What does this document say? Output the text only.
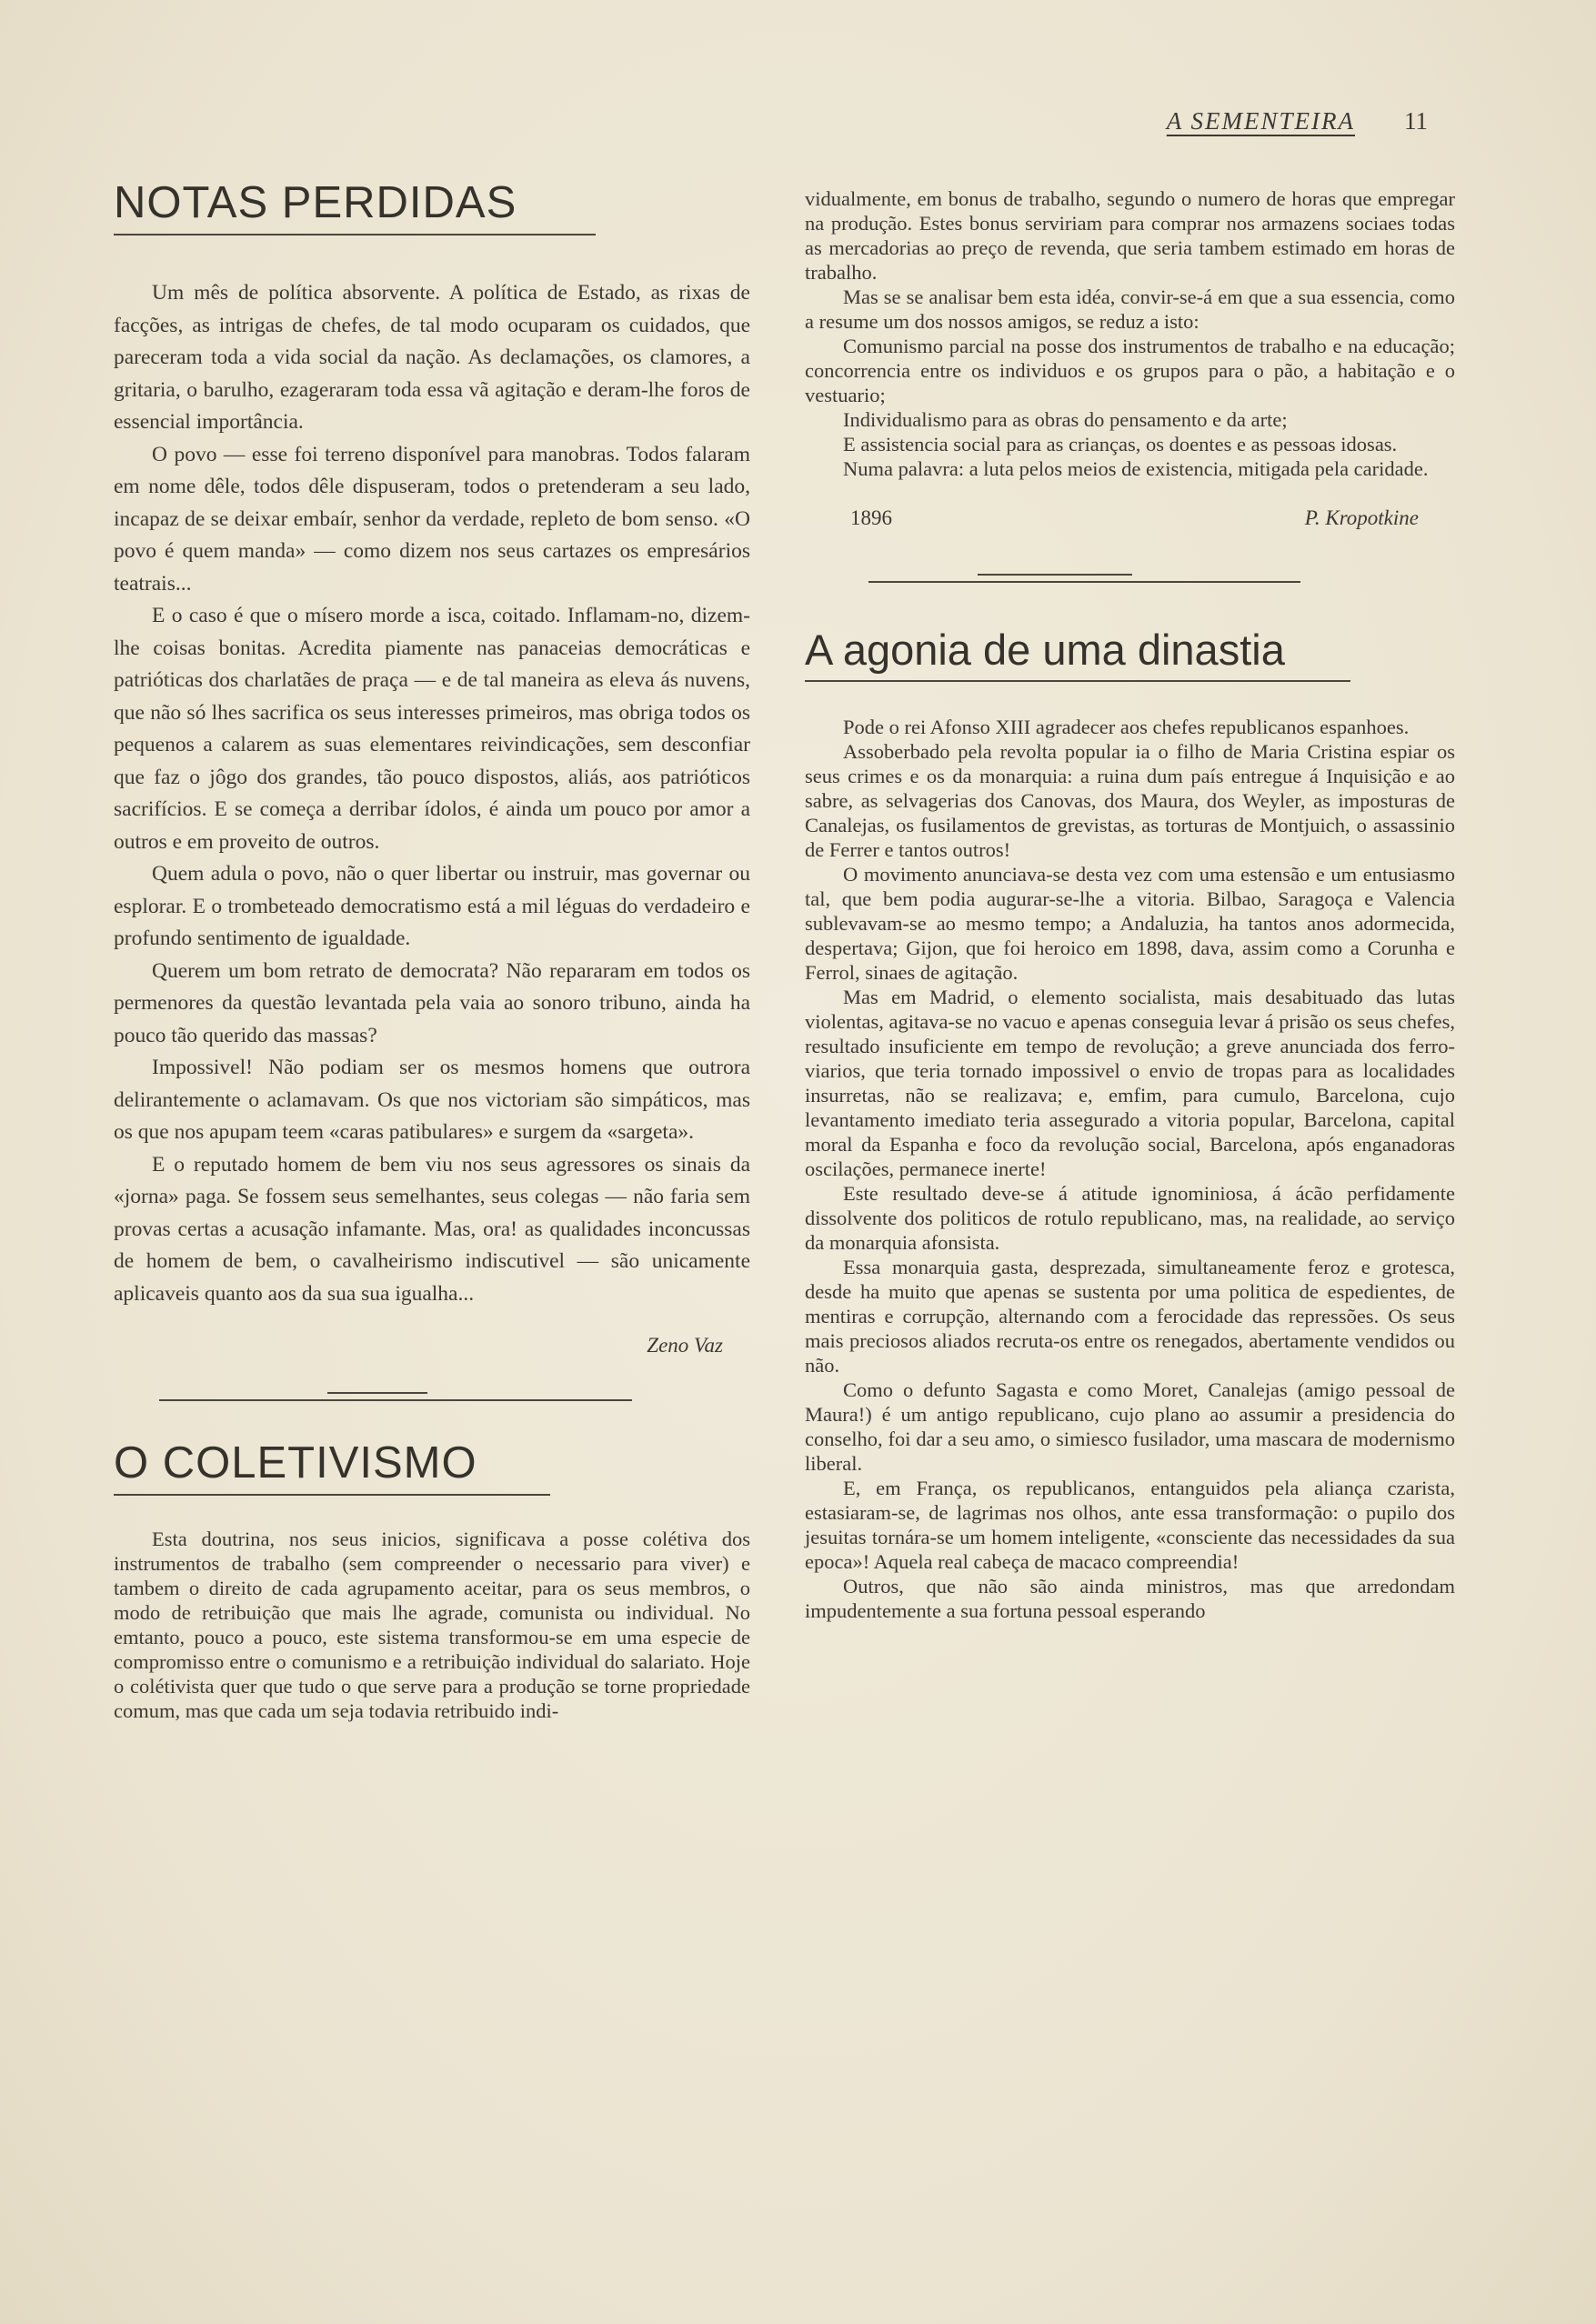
A SEMENTEIRA 11
NOTAS PERDIDAS

Um mês de política absorvente. A política de Estado, as rixas de facções, as intrigas de chefes, de tal modo ocuparam os cuidados, que pareceram toda a vida social da nação. As declamações, os clamores, a gritaria, o barulho, ezageraram toda essa vã agitação e deram-lhe foros de essencial importância.

O povo — esse foi terreno disponível para manobras. Todos falaram em nome dêle, todos dêle dispuseram, todos o pretenderam a seu lado, incapaz de se deixar embaír, senhor da verdade, repleto de bom senso. «O povo é quem manda» — como dizem nos seus cartazes os empresários teatrais...

E o caso é que o mísero morde a isca, coitado. Inflamam-no, dizem-lhe coisas bonitas. Acredita piamente nas panaceias democráticas e patrióticas dos charlatães de praça — e de tal maneira as eleva ás nuvens, que não só lhes sacrifica os seus interesses primeiros, mas obriga todos os pequenos a calarem as suas elementares reivindicações, sem desconfiar que faz o jôgo dos grandes, tão pouco dispostos, aliás, aos patrióticos sacrifícios. E se começa a derribar ídolos, é ainda um pouco por amor a outros e em proveito de outros.

Quem adula o povo, não o quer libertar ou instruir, mas governar ou esplorar. E o trombeteado democratismo está a mil léguas do verdadeiro e profundo sentimento de igualdade.

Querem um bom retrato de democrata? Não repararam em todos os permenores da questão levantada pela vaia ao sonoro tribuno, ainda ha pouco tão querido das massas?

Impossivel! Não podiam ser os mesmos homens que outrora delirantemente o aclamavam. Os que nos victoriam são simpáticos, mas os que nos apupam teem «caras patibulares» e surgem da «sargeta».

E o reputado homem de bem viu nos seus agressores os sinais da «jorna» paga. Se fossem seus semelhantes, seus colegas — não faria sem provas certas a acusação infamante. Mas, ora! as qualidades inconcussas de homem de bem, o cavalheirismo indiscutivel — são unicamente aplicaveis quanto aos da sua sua igualha...

Zeno Vaz
O COLETIVISMO

Esta doutrina, nos seus inicios, significava a posse colétiva dos instrumentos de trabalho (sem compreender o necessario para viver) e tambem o direito de cada agrupamento aceitar, para os seus membros, o modo de retribuição que mais lhe agrade, comunista ou individual. No emtanto, pouco a pouco, este sistema transformou-se em uma especie de compromisso entre o comunismo e a retribuição individual do salariato. Hoje o colétivista quer que tudo o que serve para a produção se torne propriedade comum, mas que cada um seja todavia retribuido indi-

vidualmente, em bonus de trabalho, segundo o numero de horas que empregar na produção. Estes bonus serviriam para comprar nos armazens sociaes todas as mercadorias ao preço de revenda, que seria tambem estimado em horas de trabalho.

Mas se se analisar bem esta idéa, convir-se-á em que a sua essencia, como a resume um dos nossos amigos, se reduz a isto:

Comunismo parcial na posse dos instrumentos de trabalho e na educação; concorrencia entre os individuos e os grupos para o pão, a habitação e o vestuario;

Individualismo para as obras do pensamento e da arte;

E assistencia social para as crianças, os doentes e as pessoas idosas.

Numa palavra: a luta pelos meios de existencia, mitigada pela caridade.

1896	P. Kropotkine
A agonia de uma dinastia

Pode o rei Afonso XIII agradecer aos chefes republicanos espanhoes.

Assoberbado pela revolta popular ia o filho de Maria Cristina espiar os seus crimes e os da monarquia: a ruina dum país entregue á Inquisição e ao sabre, as selvagerias dos Canovas, dos Maura, dos Weyler, as imposturas de Canalejas, os fusilamentos de grevistas, as torturas de Montjuich, o assassinio de Ferrer e tantos outros!

O movimento anunciava-se desta vez com uma estensão e um entusiasmo tal, que bem podia augurar-se-lhe a vitoria. Bilbao, Saragoça e Valencia sublevavam-se ao mesmo tempo; a Andaluzia, ha tantos anos adormecida, despertava; Gijon, que foi heroico em 1898, dava, assim como a Corunha e Ferrol, sinaes de agitação.

Mas em Madrid, o elemento socialista, mais desabituado das lutas violentas, agitava-se no vacuo e apenas conseguia levar á prisão os seus chefes, resultado insuficiente em tempo de revolução; a greve anunciada dos ferro-viarios, que teria tornado impossivel o envio de tropas para as localidades insurretas, não se realizava; e, emfim, para cumulo, Barcelona, cujo levantamento imediato teria assegurado a vitoria popular, Barcelona, capital moral da Espanha e foco da revolução social, Barcelona, após enganadoras oscilações, permanece inerte!

Este resultado deve-se á atitude ignominiosa, á ácão perfidamente dissolvente dos politicos de rotulo republicano, mas, na realidade, ao serviço da monarquia afonsista.

Essa monarquia gasta, desprezada, simultaneamente feroz e grotesca, desde ha muito que apenas se sustenta por uma politica de espedientes, de mentiras e corrupção, alternando com a ferocidade das repressões. Os seus mais preciosos aliados recruta-os entre os renegados, abertamente vendidos ou não.

Como o defunto Sagasta e como Moret, Canalejas (amigo pessoal de Maura!) é um antigo republicano, cujo plano ao assumir a presidencia do conselho, foi dar a seu amo, o simiesco fusilador, uma mascara de modernismo liberal.

E, em França, os republicanos, entanguidos pela aliança czarista, estasiaram-se, de lagrimas nos olhos, ante essa transformação: o pupilo dos jesuitas tornára-se um homem inteligente, «consciente das necessidades da sua epoca»! Aquela real cabeça de macaco compreendia!

Outros, que não são ainda ministros, mas que arredondam impudentemente a sua fortuna pessoal esperando
